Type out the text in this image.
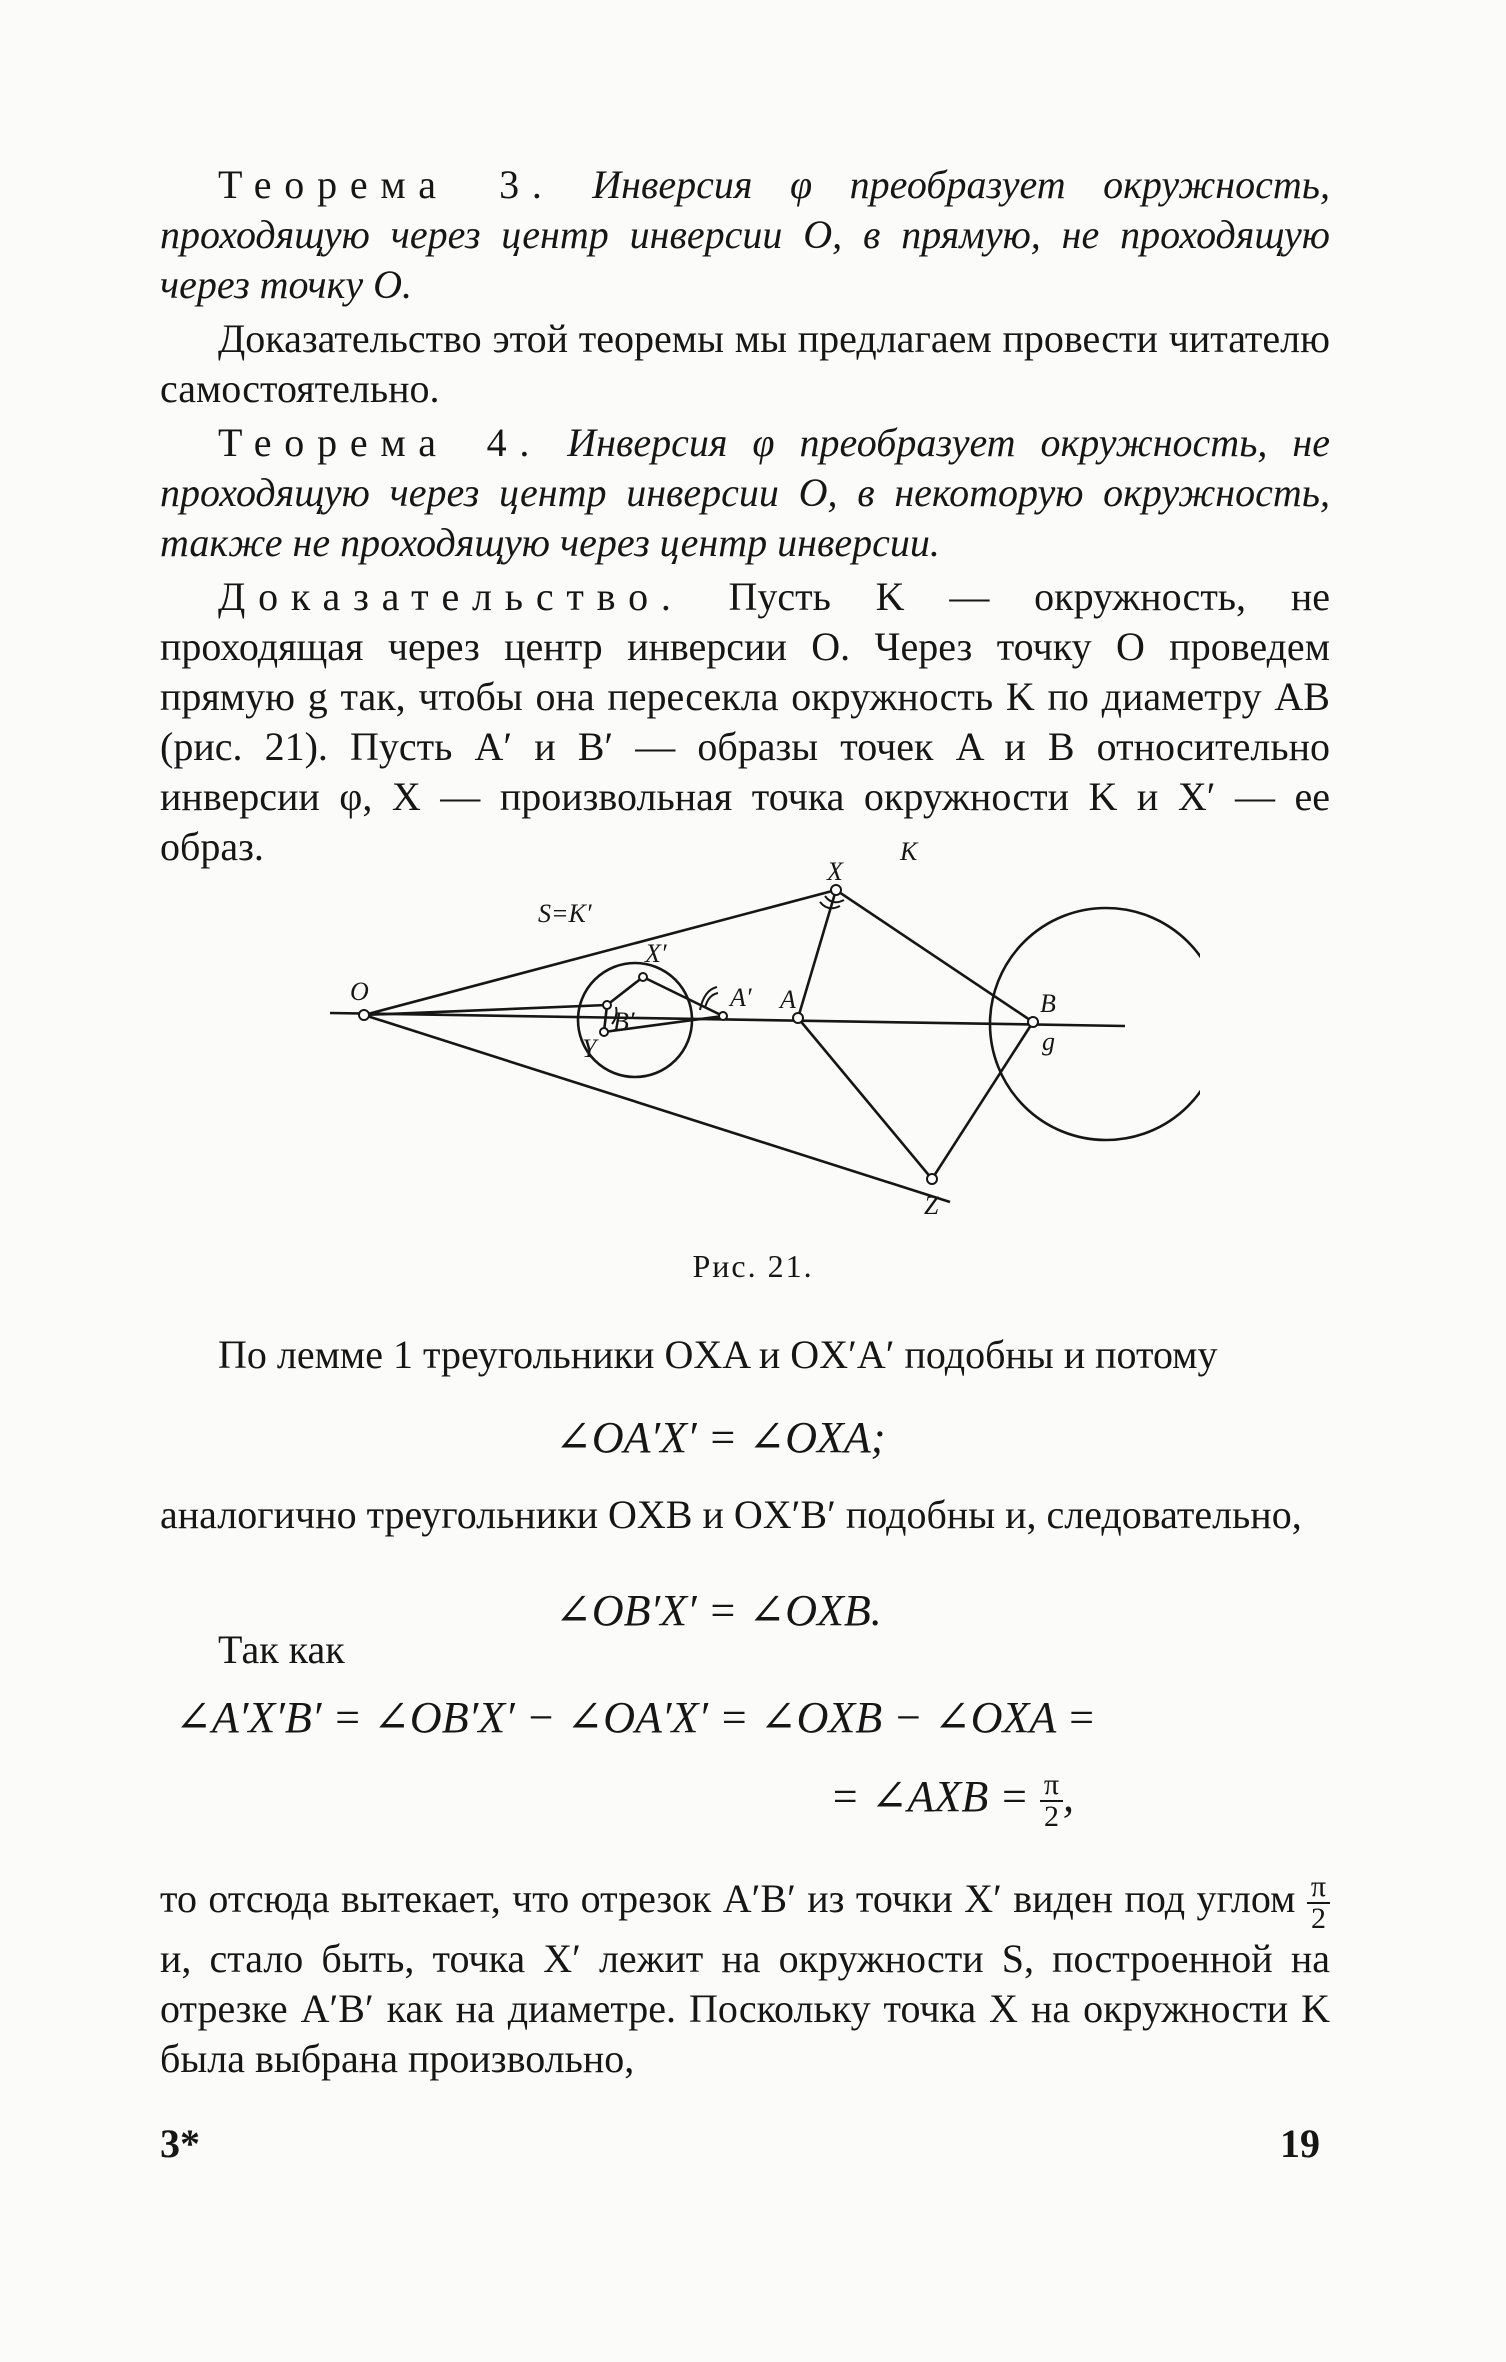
Теорема 3. Инверсия φ преобразует окружность, проходящую через центр инверсии O, в прямую, не проходящую через точку O.

Доказательство этой теоремы мы предлагаем провести читателю самостоятельно.

Теорема 4. Инверсия φ преобразует окружность, не проходящую через центр инверсии O, в некоторую окружность, также не проходящую через центр инверсии.

Доказательство. Пусть K — окружность, не проходящая через центр инверсии O. Через точку O проведем прямую g так, чтобы она пересекла окружность K по диаметру AB (рис. 21). Пусть A′ и B′ — образы точек A и B относительно инверсии φ, X — произвольная точка окружности K и X′ — ее образ.

O
Y
B′
A′
X′
S=K′
A
X
K
B
g
Z
Рис. 21.

По лемме 1 треугольники OXA и OX′A′ подобны и потому

∠OA′X′ = ∠OXA;

аналогично треугольники OXB и OX′B′ подобны и, следовательно,

∠OB′X′ = ∠OXB.

Так как

∠A′X′B′ = ∠OB′X′ − ∠OA′X′ = ∠OXB − ∠OXA =
= ∠AXB = $\frac{\pi}{2}$ ,

то отсюда вытекает, что отрезок A′B′ из точки X′ виден под углом $\frac{\pi}{2}$
и, стало быть, точка X′ лежит на окружности S, построенной на отрезке A′B′ как на диаметре. Поскольку точка X на окружности K была выбрана произвольно,

3*	19
